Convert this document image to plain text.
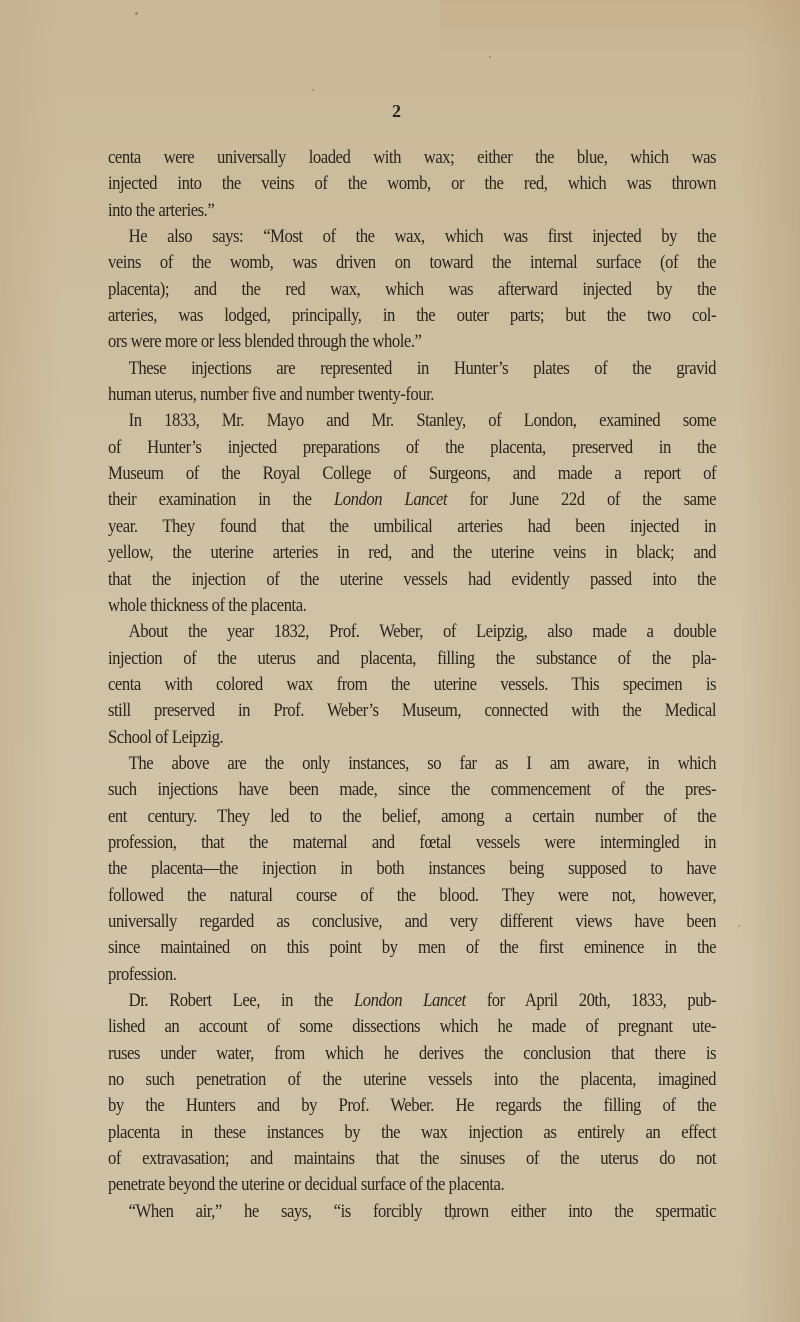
2
centa were universally loaded with wax; either the blue, which was
injected into the veins of the womb, or the red, which was thrown
into the arteries.”
He also says: “Most of the wax, which was first injected by the
veins of the womb, was driven on toward the internal surface (of the
placenta); and the red wax, which was afterward injected by the
arteries, was lodged, principally, in the outer parts; but the two col-
ors were more or less blended through the whole.”
These injections are represented in Hunter’s plates of the gravid
human uterus, number five and number twenty-four.
In 1833, Mr. Mayo and Mr. Stanley, of London, examined some
of Hunter’s injected preparations of the placenta, preserved in the
Museum of the Royal College of Surgeons, and made a report of
their examination in the London Lancet for June 22d of the same
year. They found that the umbilical arteries had been injected in
yellow, the uterine arteries in red, and the uterine veins in black; and
that the injection of the uterine vessels had evidently passed into the
whole thickness of the placenta.
About the year 1832, Prof. Weber, of Leipzig, also made a double
injection of the uterus and placenta, filling the substance of the pla-
centa with colored wax from the uterine vessels. This specimen is
still preserved in Prof. Weber’s Museum, connected with the Medical
School of Leipzig.
The above are the only instances, so far as I am aware, in which
such injections have been made, since the commencement of the pres-
ent century. They led to the belief, among a certain number of the
profession, that the maternal and fœtal vessels were intermingled in
the placenta—the injection in both instances being supposed to have
followed the natural course of the blood. They were not, however,
universally regarded as conclusive, and very different views have been
since maintained on this point by men of the first eminence in the
profession.
Dr. Robert Lee, in the London Lancet for April 20th, 1833, pub-
lished an account of some dissections which he made of pregnant ute-
ruses under water, from which he derives the conclusion that there is
no such penetration of the uterine vessels into the placenta, imagined
by the Hunters and by Prof. Weber. He regards the filling of the
placenta in these instances by the wax injection as entirely an effect
of extravasation; and maintains that the sinuses of the uterus do not
penetrate beyond the uterine or decidual surface of the placenta.
“When air,” he says, “is forcibly thrown either into the spermatic
